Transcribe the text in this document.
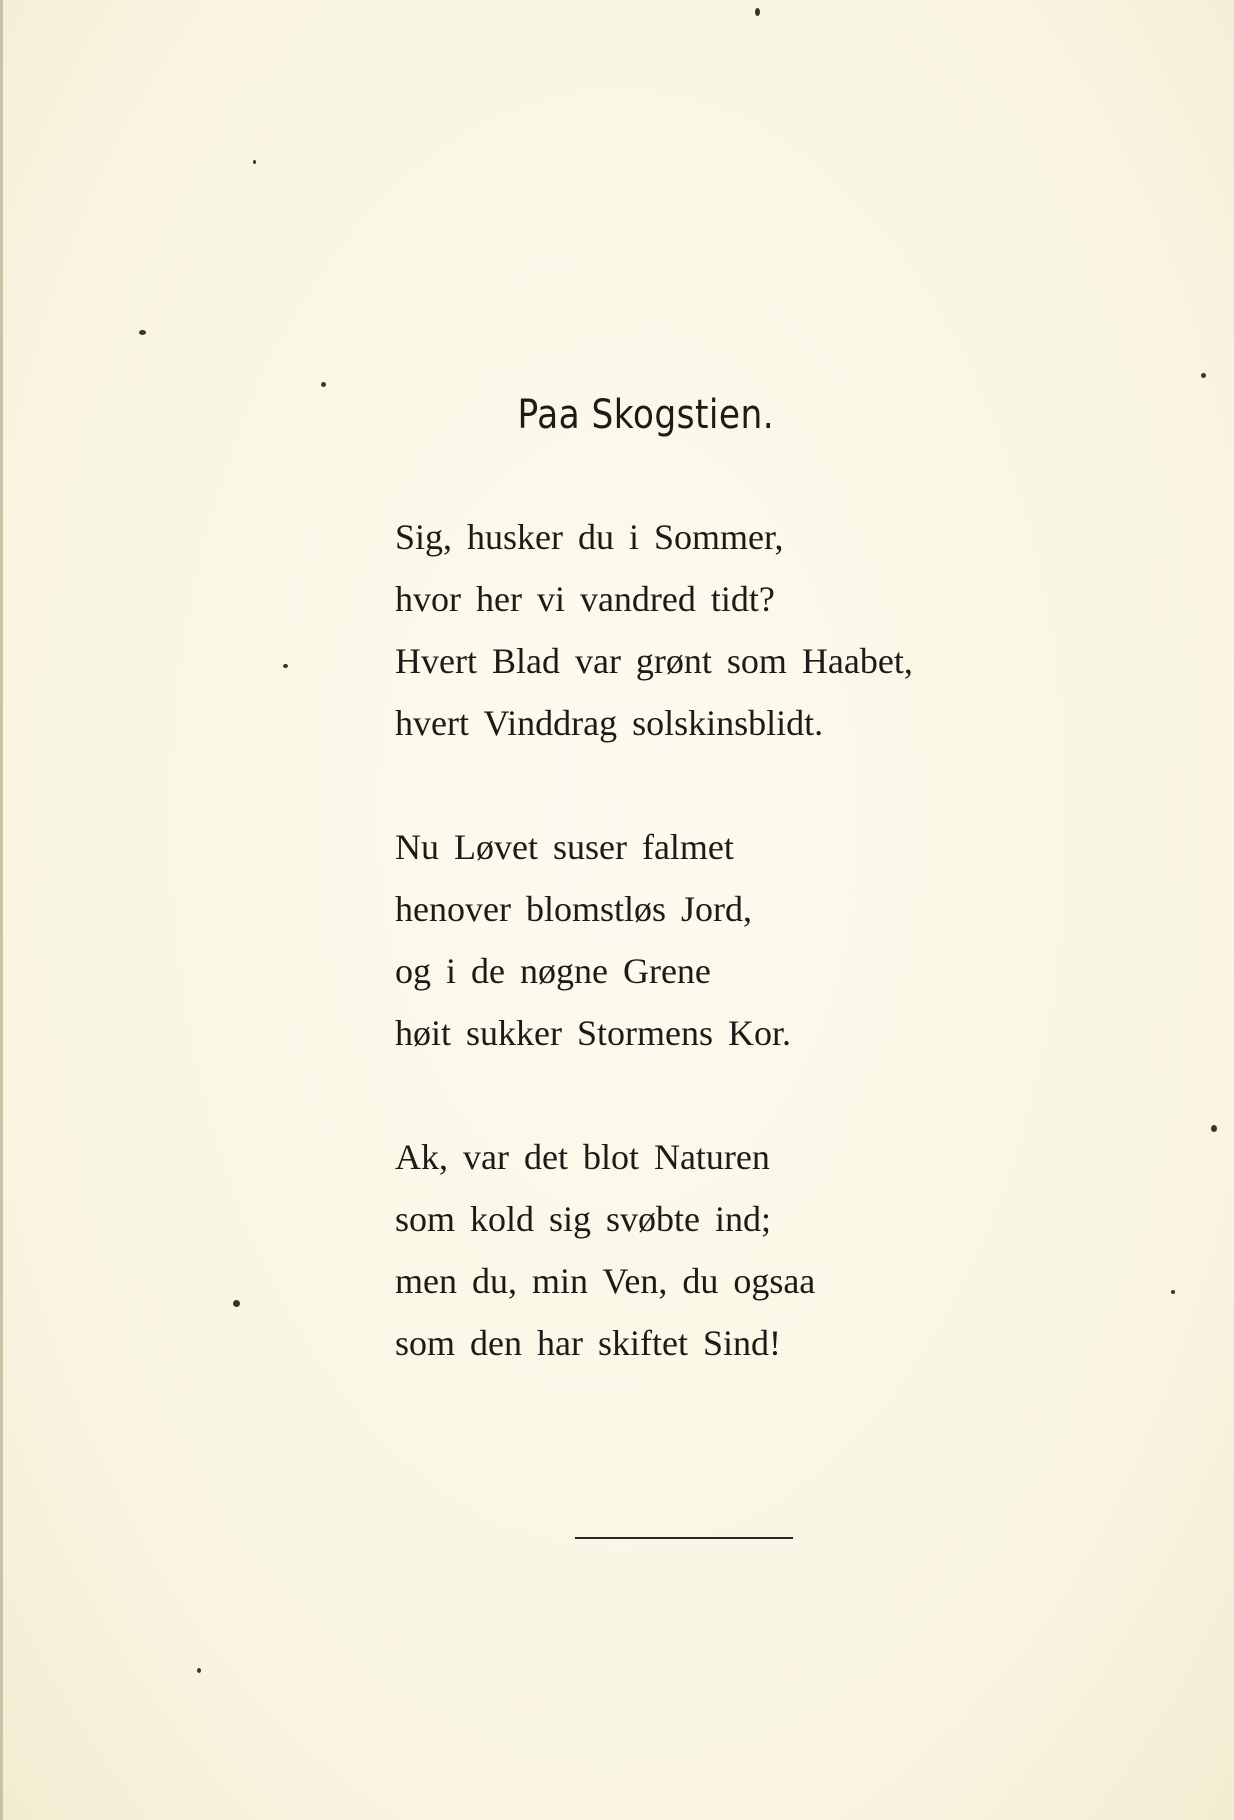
Paa Skogstien.
Sig, husker du i Sommer,
hvor her vi vandred tidt?
Hvert Blad var grønt som Haabet,
hvert Vinddrag solskinsblidt.
Nu Løvet suser falmet
henover blomstløs Jord,
og i de nøgne Grene
høit sukker Stormens Kor.
Ak, var det blot Naturen
som kold sig svøbte ind;
men du, min Ven, du ogsaa
som den har skiftet Sind!
